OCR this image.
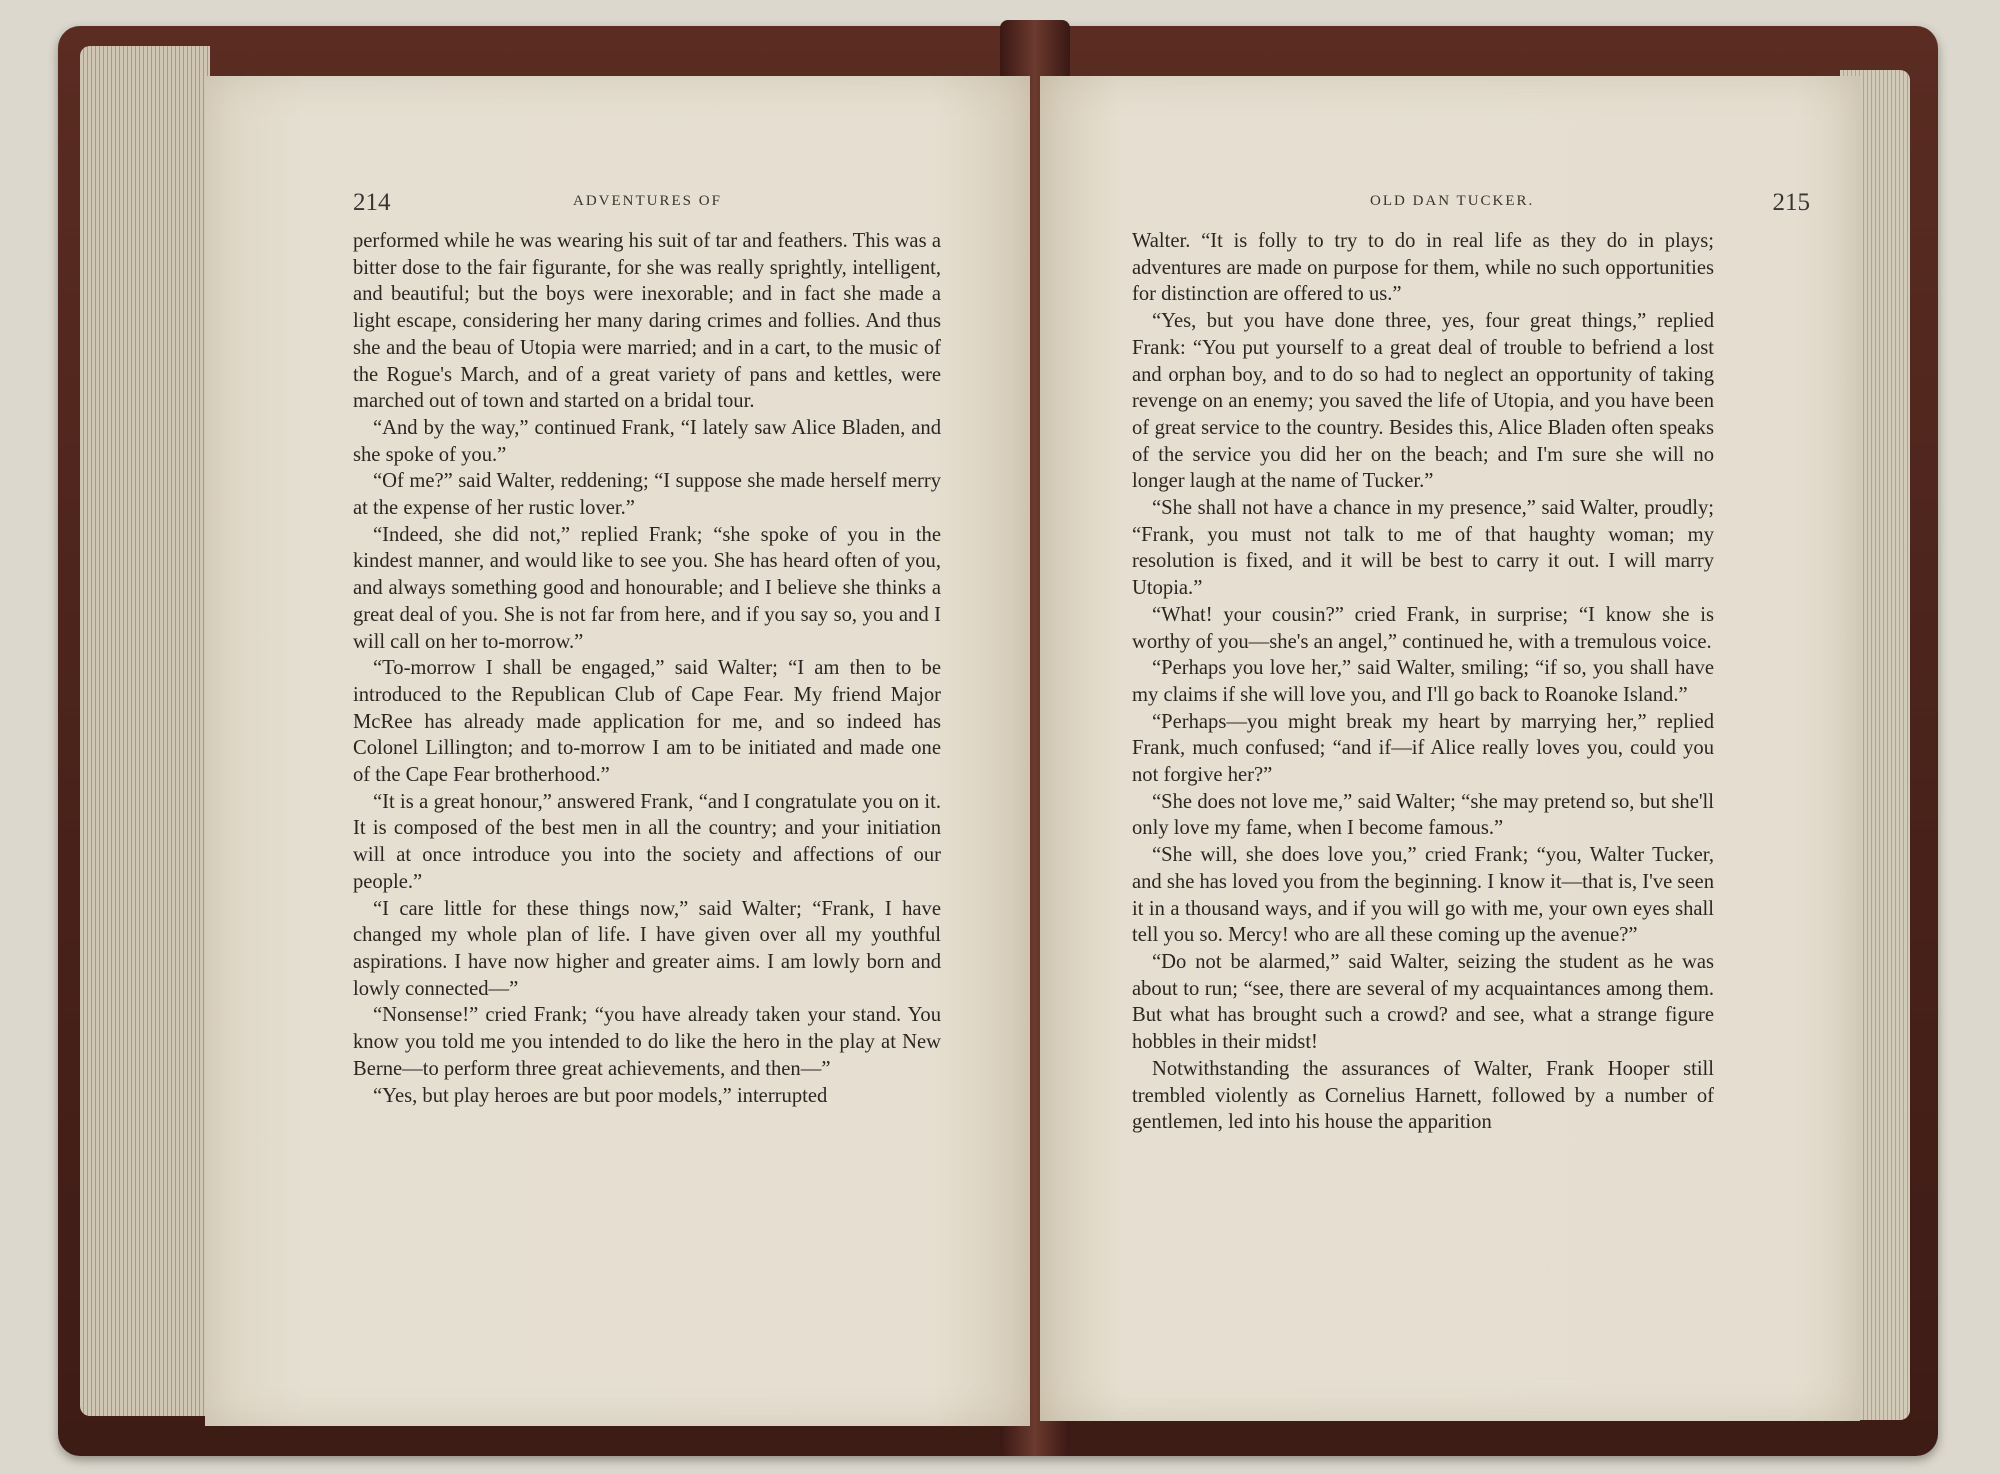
214	ADVENTURES OF

performed while he was wearing his suit of tar and feathers. This was a bitter dose to the fair figurante, for she was really sprightly, intelligent, and beautiful; but the boys were inexorable; and in fact she made a light escape, considering her many daring crimes and follies. And thus she and the beau of Utopia were married; and in a cart, to the music of the Rogue's March, and of a great variety of pans and kettles, were marched out of town and started on a bridal tour.

“And by the way,” continued Frank, “I lately saw Alice Bladen, and she spoke of you.”

“Of me?” said Walter, reddening; “I suppose she made herself merry at the expense of her rustic lover.”

“Indeed, she did not,” replied Frank; “she spoke of you in the kindest manner, and would like to see you. She has heard often of you, and always something good and honourable; and I believe she thinks a great deal of you. She is not far from here, and if you say so, you and I will call on her to-morrow.”

“To-morrow I shall be engaged,” said Walter; “I am then to be introduced to the Republican Club of Cape Fear. My friend Major McRee has already made application for me, and so indeed has Colonel Lillington; and to-morrow I am to be initiated and made one of the Cape Fear brotherhood.”

“It is a great honour,” answered Frank, “and I congratulate you on it. It is composed of the best men in all the country; and your initiation will at once introduce you into the society and affections of our people.”

“I care little for these things now,” said Walter; “Frank, I have changed my whole plan of life. I have given over all my youthful aspirations. I have now higher and greater aims. I am lowly born and lowly connected—”

“Nonsense!” cried Frank; “you have already taken your stand. You know you told me you intended to do like the hero in the play at New Berne—to perform three great achievements, and then—”

“Yes, but play heroes are but poor models,” interrupted

OLD DAN TUCKER.	215

Walter. “It is folly to try to do in real life as they do in plays; adventures are made on purpose for them, while no such opportunities for distinction are offered to us.”

“Yes, but you have done three, yes, four great things,” replied Frank: “You put yourself to a great deal of trouble to befriend a lost and orphan boy, and to do so had to neglect an opportunity of taking revenge on an enemy; you saved the life of Utopia, and you have been of great service to the country. Besides this, Alice Bladen often speaks of the service you did her on the beach; and I'm sure she will no longer laugh at the name of Tucker.”

“She shall not have a chance in my presence,” said Walter, proudly; “Frank, you must not talk to me of that haughty woman; my resolution is fixed, and it will be best to carry it out. I will marry Utopia.”

“What! your cousin?” cried Frank, in surprise; “I know she is worthy of you—she's an angel,” continued he, with a tremulous voice.

“Perhaps you love her,” said Walter, smiling; “if so, you shall have my claims if she will love you, and I'll go back to Roanoke Island.”

“Perhaps—you might break my heart by marrying her,” replied Frank, much confused; “and if—if Alice really loves you, could you not forgive her?”

“She does not love me,” said Walter; “she may pretend so, but she'll only love my fame, when I become famous.”

“She will, she does love you,” cried Frank; “you, Walter Tucker, and she has loved you from the beginning. I know it—that is, I've seen it in a thousand ways, and if you will go with me, your own eyes shall tell you so. Mercy! who are all these coming up the avenue?”

“Do not be alarmed,” said Walter, seizing the student as he was about to run; “see, there are several of my acquaintances among them. But what has brought such a crowd? and see, what a strange figure hobbles in their midst!

Notwithstanding the assurances of Walter, Frank Hooper still trembled violently as Cornelius Harnett, followed by a number of gentlemen, led into his house the apparition
